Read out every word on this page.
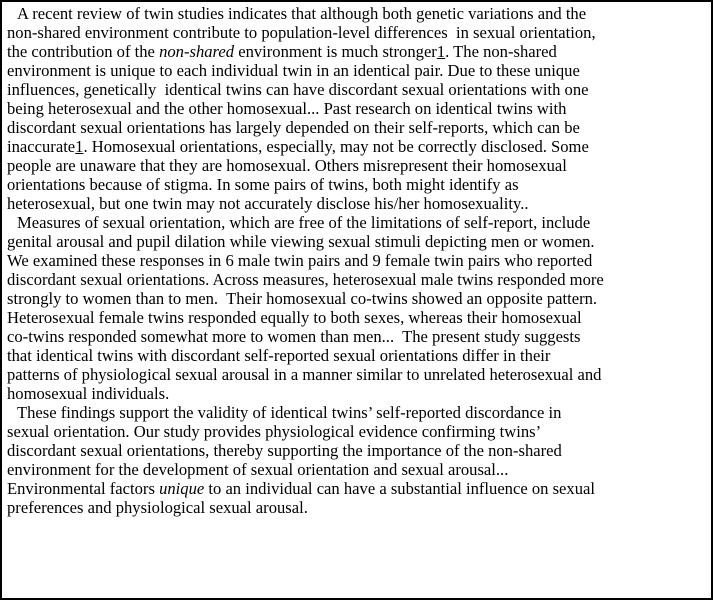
A recent review of twin studies indicates that although both genetic variations and the
non-shared environment contribute to population-level differences  in sexual orientation,
the contribution of the non-shared environment is much stronger1. The non-shared
environment is unique to each individual twin in an identical pair. Due to these unique
influences, genetically  identical twins can have discordant sexual orientations with one
being heterosexual and the other homosexual... Past research on identical twins with
discordant sexual orientations has largely depended on their self-reports, which can be
inaccurate1. Homosexual orientations, especially, may not be correctly disclosed. Some
people are unaware that they are homosexual. Others misrepresent their homosexual
orientations because of stigma. In some pairs of twins, both might identify as
heterosexual, but one twin may not accurately disclose his/her homosexuality..
Measures of sexual orientation, which are free of the limitations of self-report, include
genital arousal and pupil dilation while viewing sexual stimuli depicting men or women.
We examined these responses in 6 male twin pairs and 9 female twin pairs who reported
discordant sexual orientations. Across measures, heterosexual male twins responded more
strongly to women than to men.  Their homosexual co-twins showed an opposite pattern.
Heterosexual female twins responded equally to both sexes, whereas their homosexual
co-twins responded somewhat more to women than men...  The present study suggests
that identical twins with discordant self-reported sexual orientations differ in their
patterns of physiological sexual arousal in a manner similar to unrelated heterosexual and
homosexual individuals.
These findings support the validity of identical twins’ self-reported discordance in
sexual orientation. Our study provides physiological evidence confirming twins’
discordant sexual orientations, thereby supporting the importance of the non-shared
environment for the development of sexual orientation and sexual arousal...
Environmental factors unique to an individual can have a substantial influence on sexual
preferences and physiological sexual arousal.
